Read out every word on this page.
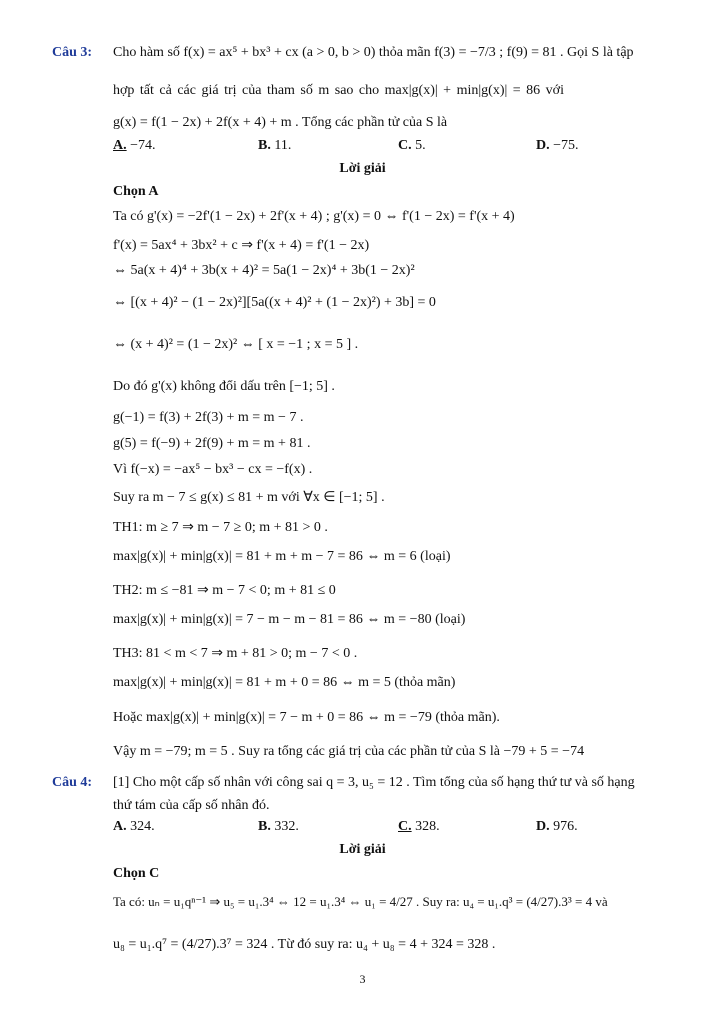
Câu 3: Cho hàm số f(x) = ax⁵ + bx³ + cx (a > 0, b > 0) thỏa mãn f(3) = −7/3 ; f(9) = 81 . Gọi S là tập
hợp tất cả các giá trị của tham số m sao cho max|g(x)| + min|g(x)| = 86 với
g(x) = f(1 − 2x) + 2f(x + 4) + m . Tổng các phần tử của S là
A. −74.	B. 11.	C. 5.	D. −75.
Lời giải
Chọn A
Ta có g'(x) = −2f'(1 − 2x) + 2f'(x + 4) ; g'(x) = 0 ⇔ f'(1 − 2x) = f'(x + 4)
f'(x) = 5ax⁴ + 3bx² + c ⇒ f'(x + 4) = f'(1 − 2x)
⇔ 5a(x + 4)⁴ + 3b(x + 4)² = 5a(1 − 2x)⁴ + 3b(1 − 2x)²
⇔ [(x + 4)² − (1 − 2x)²][5a((x + 4)² + (1 − 2x)²) + 3b] = 0
⇔ (x + 4)² = (1 − 2x)² ⇔ [ x = −1 ; x = 5 ] .
Do đó g'(x) không đổi dấu trên [−1; 5] .
g(−1) = f(3) + 2f(3) + m = m − 7 .
g(5) = f(−9) + 2f(9) + m = m + 81 .
Vì f(−x) = −ax⁵ − bx³ − cx = −f(x) .
Suy ra m − 7 ≤ g(x) ≤ 81 + m với ∀x ∈ [−1; 5] .
TH1: m ≥ 7 ⇒ m − 7 ≥ 0; m + 81 > 0 .
max|g(x)| + min|g(x)| = 81 + m + m − 7 = 86 ⇔ m = 6 (loại)
TH2: m ≤ −81 ⇒ m − 7 < 0; m + 81 ≤ 0
max|g(x)| + min|g(x)| = 7 − m − m − 81 = 86 ⇔ m = −80 (loại)
TH3: 81 < m < 7 ⇒ m + 81 > 0; m − 7 < 0 .
max|g(x)| + min|g(x)| = 81 + m + 0 = 86 ⇔ m = 5 (thỏa mãn)
Hoặc max|g(x)| + min|g(x)| = 7 − m + 0 = 86 ⇔ m = −79 (thỏa mãn).
Vậy m = −79; m = 5 . Suy ra tổng các giá trị của các phần tử của S là −79 + 5 = −74
Câu 4: [1] Cho một cấp số nhân với công sai q = 3, u₅ = 12 . Tìm tổng của số hạng thứ tư và số hạng
thứ tám của cấp số nhân đó.
A. 324.	B. 332.	C. 328.	D. 976.
Lời giải
Chọn C
Ta có: uₙ = u₁qⁿ⁻¹ ⇒ u₅ = u₁.3⁴ ⇔ 12 = u₁.3⁴ ⇔ u₁ = 4/27 . Suy ra: u₄ = u₁.q³ = (4/27).3³ = 4 và
u₈ = u₁.q⁷ = (4/27).3⁷ = 324 . Từ đó suy ra: u₄ + u₈ = 4 + 324 = 328 .
3
